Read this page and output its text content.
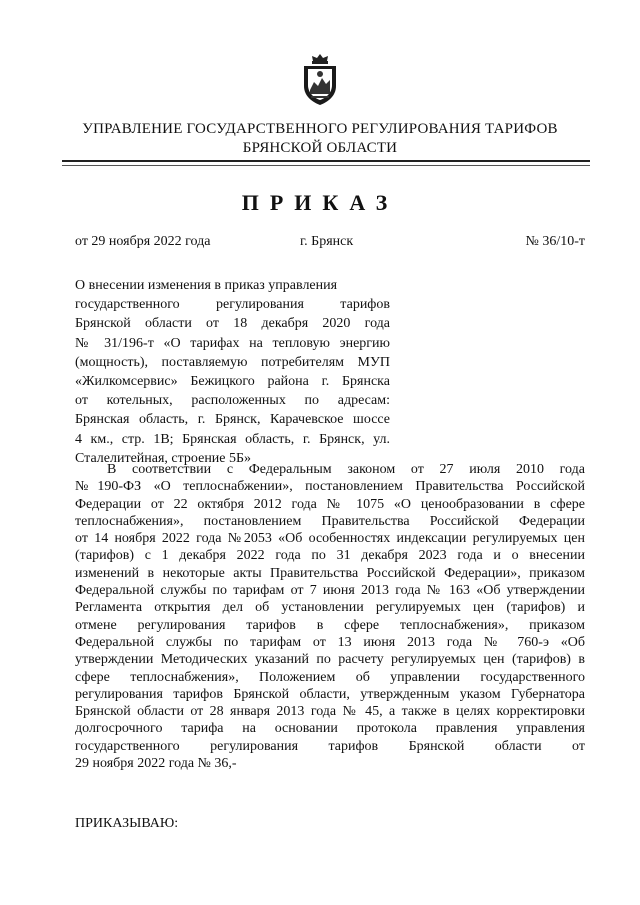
УПРАВЛЕНИЕ ГОСУДАРСТВЕННОГО РЕГУЛИРОВАНИЯ ТАРИФОВ
БРЯНСКОЙ ОБЛАСТИ
ПРИКАЗ
от 29 ноября 2022 года	г. Брянск	№ 36/10-т
О внесении изменения в приказ управления
государственного регулирования тарифов
Брянской области от 18 декабря 2020 года
№ 31/196-т «О тарифах на тепловую энергию
(мощность), поставляемую потребителям МУП
«Жилкомсервис» Бежицкого района г. Брянска
от котельных, расположенных по адресам:
Брянская область, г. Брянск, Карачевское шоссе
4 км., стр. 1В; Брянская область, г. Брянск, ул.
Сталелитейная, строение 5Б»
В соответствии с Федеральным законом от 27 июля 2010 года
№190-ФЗ «О теплоснабжении», постановлением Правительства Российской
Федерации от 22 октября 2012 года № 1075 «О ценообразовании в сфере
теплоснабжения», постановлением Правительства Российской Федерации
от 14 ноября 2022 года №2053 «Об особенностях индексации регулируемых цен
(тарифов) с 1 декабря 2022 года по 31 декабря 2023 года и о внесении
изменений в некоторые акты Правительства Российской Федерации», приказом
Федеральной службы по тарифам от 7 июня 2013 года № 163 «Об утверждении
Регламента открытия дел об установлении регулируемых цен (тарифов) и
отмене регулирования тарифов в сфере теплоснабжения», приказом
Федеральной службы по тарифам от 13 июня 2013 года № 760-э «Об
утверждении Методических указаний по расчету регулируемых цен (тарифов) в
сфере теплоснабжения», Положением об управлении государственного
регулирования тарифов Брянской области, утвержденным указом Губернатора
Брянской области от 28 января 2013 года № 45, а также в целях корректировки
долгосрочного тарифа на основании протокола правления управления
государственного регулирования тарифов Брянской области от
29 ноября 2022 года № 36,-
ПРИКАЗЫВАЮ:
